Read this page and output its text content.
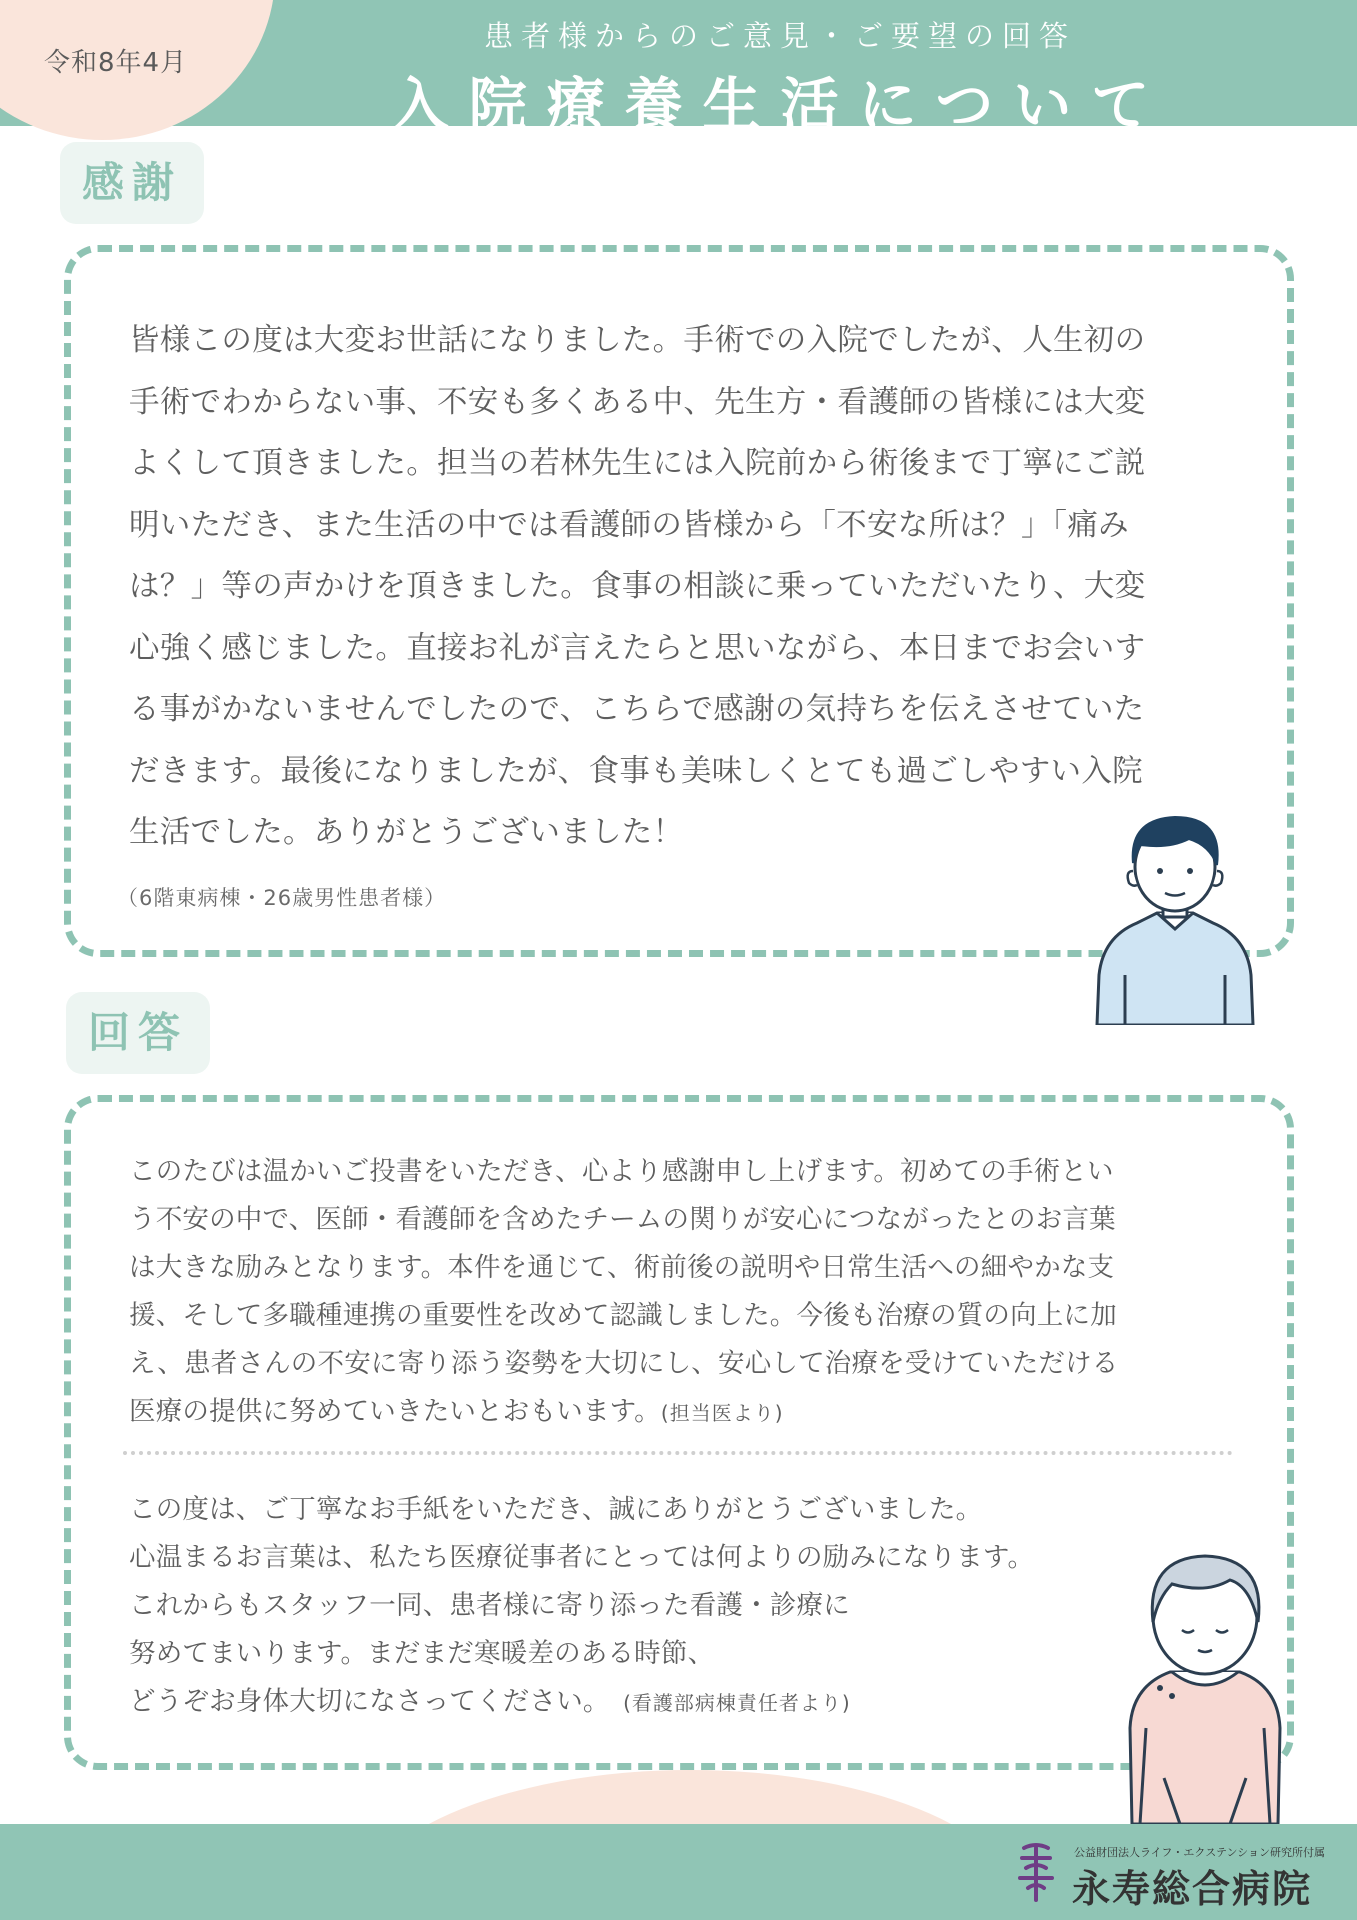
令和8年4月
患者様からのご意見・ご要望の回答
入院療養生活について
感謝
皆様この度は大変お世話になりました。手術での入院でしたが、人生初の
手術でわからない事、不安も多くある中、先生方・看護師の皆様には大変
よくして頂きました。担当の若林先生には入院前から術後まで丁寧にご説
明いただき、また生活の中では看護師の皆様から「不安な所は？」「痛み
は？」等の声かけを頂きました。食事の相談に乗っていただいたり、大変
心強く感じました。直接お礼が言えたらと思いながら、本日までお会いす
る事がかないませんでしたので、こちらで感謝の気持ちを伝えさせていた
だきます。最後になりましたが、食事も美味しくとても過ごしやすい入院
生活でした。ありがとうございました！
（6階東病棟・26歳男性患者様）
回答
このたびは温かいご投書をいただき、心より感謝申し上げます。初めての手術とい
う不安の中で、医師・看護師を含めたチームの関りが安心につながったとのお言葉
は大きな励みとなります。本件を通じて、術前後の説明や日常生活への細やかな支
援、そして多職種連携の重要性を改めて認識しました。今後も治療の質の向上に加
え、患者さんの不安に寄り添う姿勢を大切にし、安心して治療を受けていただける
医療の提供に努めていきたいとおもいます。(担当医より)
この度は、ご丁寧なお手紙をいただき、誠にありがとうございました。
心温まるお言葉は、私たち医療従事者にとっては何よりの励みになります。
これからもスタッフ一同、患者様に寄り添った看護・診療に
努めてまいります。まだまだ寒暖差のある時節、
どうぞお身体大切になさってください。　 (看護部病棟責任者より)
公益財団法人ライフ・エクステンション研究所付属
永寿総合病院
